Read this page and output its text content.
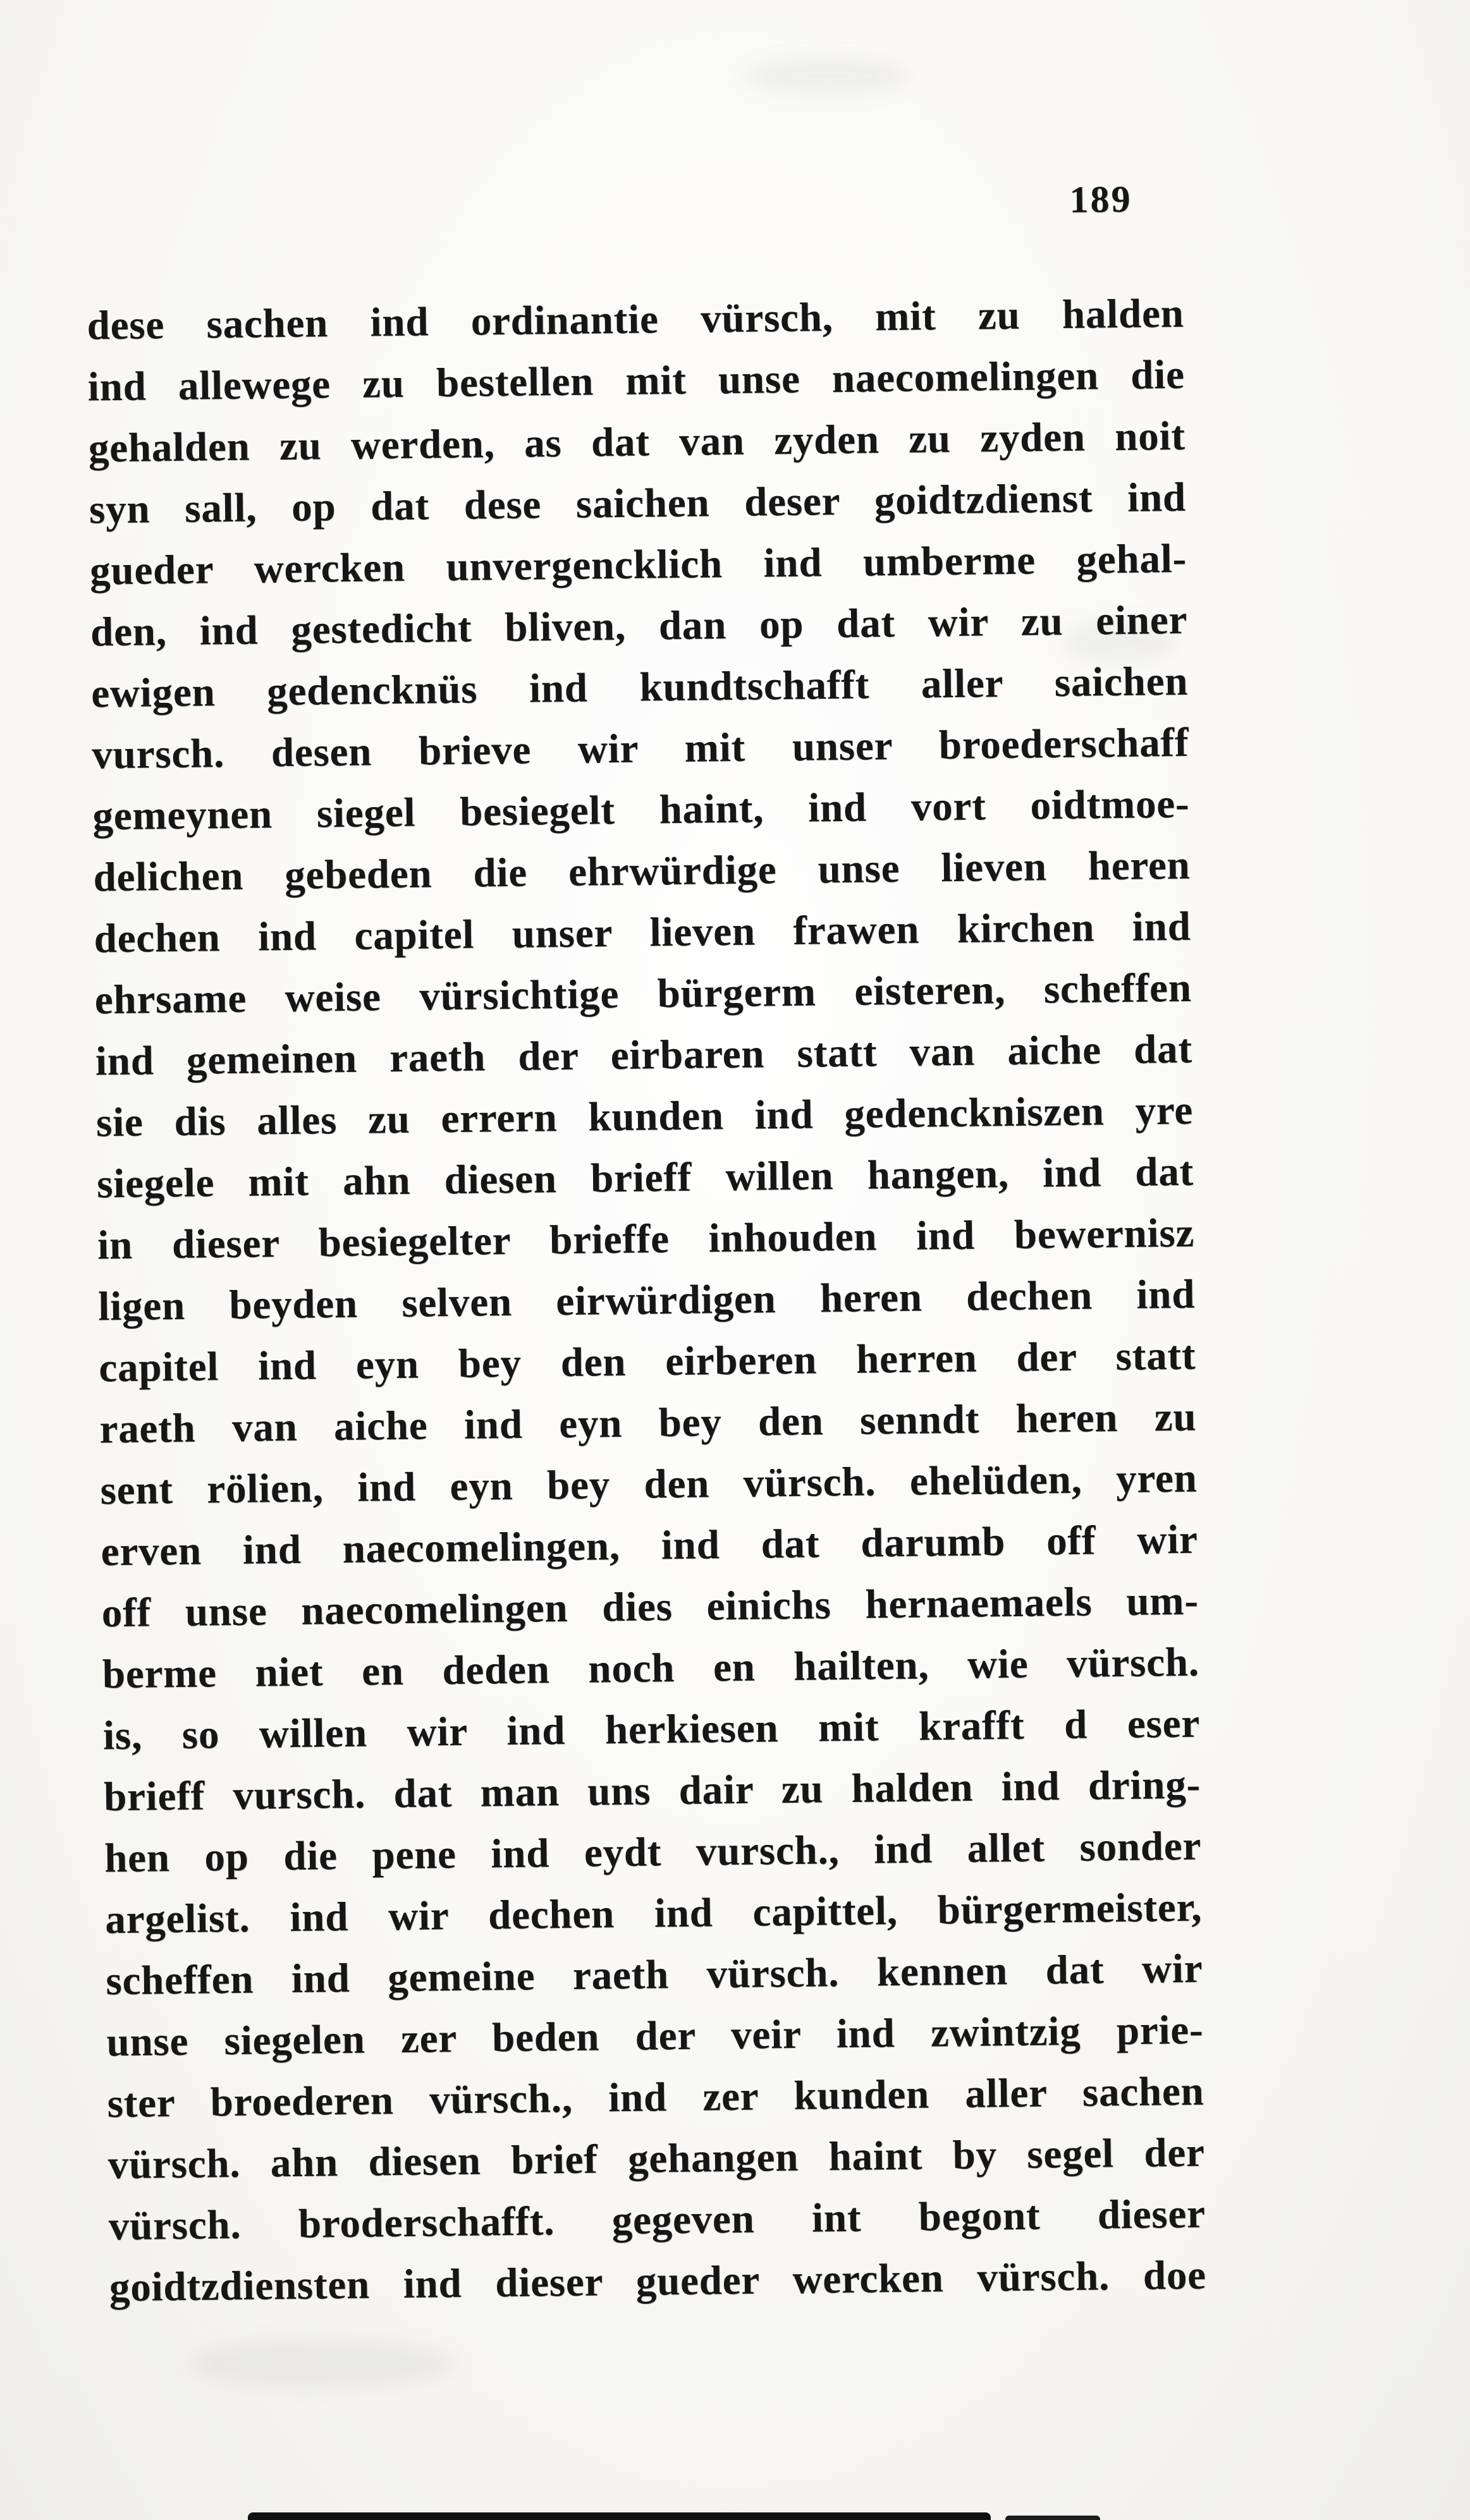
189
dese sachen ind ordinantie vürsch, mit zu halden
ind allewege zu bestellen mit unse naecomelingen die
gehalden zu werden, as dat van zyden zu zyden noit
syn sall, op dat dese saichen deser goidtzdienst ind
gueder wercken unvergencklich ind umberme gehal-
den, ind gestedicht bliven, dan op dat wir zu einer
ewigen gedencknüs ind kundtschafft aller saichen
vursch. desen brieve wir mit unser broederschaff
gemeynen siegel besiegelt haint, ind vort oidtmoe-
delichen gebeden die ehrwürdige unse lieven heren
dechen ind capitel unser lieven frawen kirchen ind
ehrsame weise vürsichtige bürgerm eisteren, scheffen
ind gemeinen raeth der eirbaren statt van aiche dat
sie dis alles zu errern kunden ind gedenckniszen yre
siegele mit ahn diesen brieff willen hangen, ind dat
in dieser besiegelter brieffe inhouden ind bewernisz
ligen beyden selven eirwürdigen heren dechen ind
capitel ind eyn bey den eirberen herren der statt
raeth van aiche ind eyn bey den senndt heren zu
sent rölien, ind eyn bey den vürsch. ehelüden, yren
erven ind naecomelingen, ind dat darumb off wir
off unse naecomelingen dies einichs hernaemaels um-
berme niet en deden noch en hailten, wie vürsch.
is, so willen wir ind herkiesen mit krafft d eser
brieff vursch. dat man uns dair zu halden ind dring-
hen op die pene ind eydt vursch., ind allet sonder
argelist. ind wir dechen ind capittel, bürgermeister,
scheffen ind gemeine raeth vürsch. kennen dat wir
unse siegelen zer beden der veir ind zwintzig prie-
ster broederen vürsch., ind zer kunden aller sachen
vürsch. ahn diesen brief gehangen haint by segel der
vürsch. broderschafft. gegeven int begont dieser
goidtzdiensten ind dieser gueder wercken vürsch. doe
